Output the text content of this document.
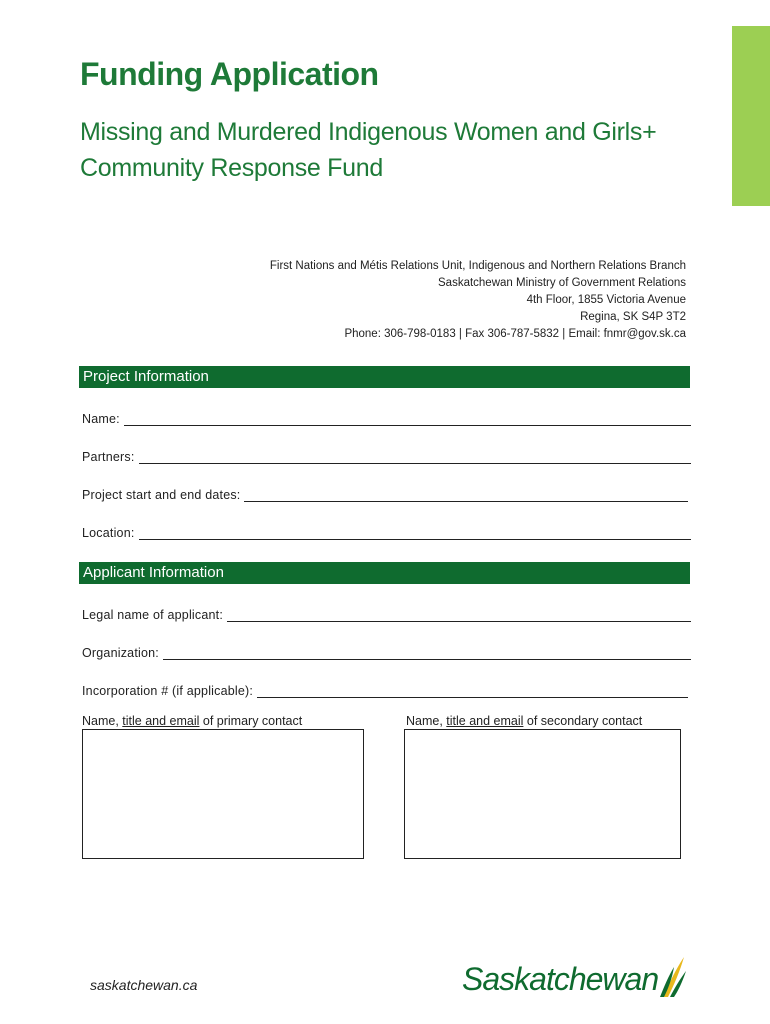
Funding Application
Missing and Murdered Indigenous Women and Girls+
Community Response Fund
First Nations and Métis Relations Unit, Indigenous and Northern Relations Branch
Saskatchewan Ministry of Government Relations
4th Floor, 1855 Victoria Avenue
Regina, SK S4P 3T2
Phone: 306-798-0183 | Fax 306-787-5832 | Email: fnmr@gov.sk.ca
Project Information
Name:
Partners:
Project start and end dates:
Location:
Applicant Information
Legal name of applicant:
Organization:
Incorporation # (if applicable):
Name, title and email of primary contact	Name, title and email of secondary contact
saskatchewan.ca	Saskatchewan
